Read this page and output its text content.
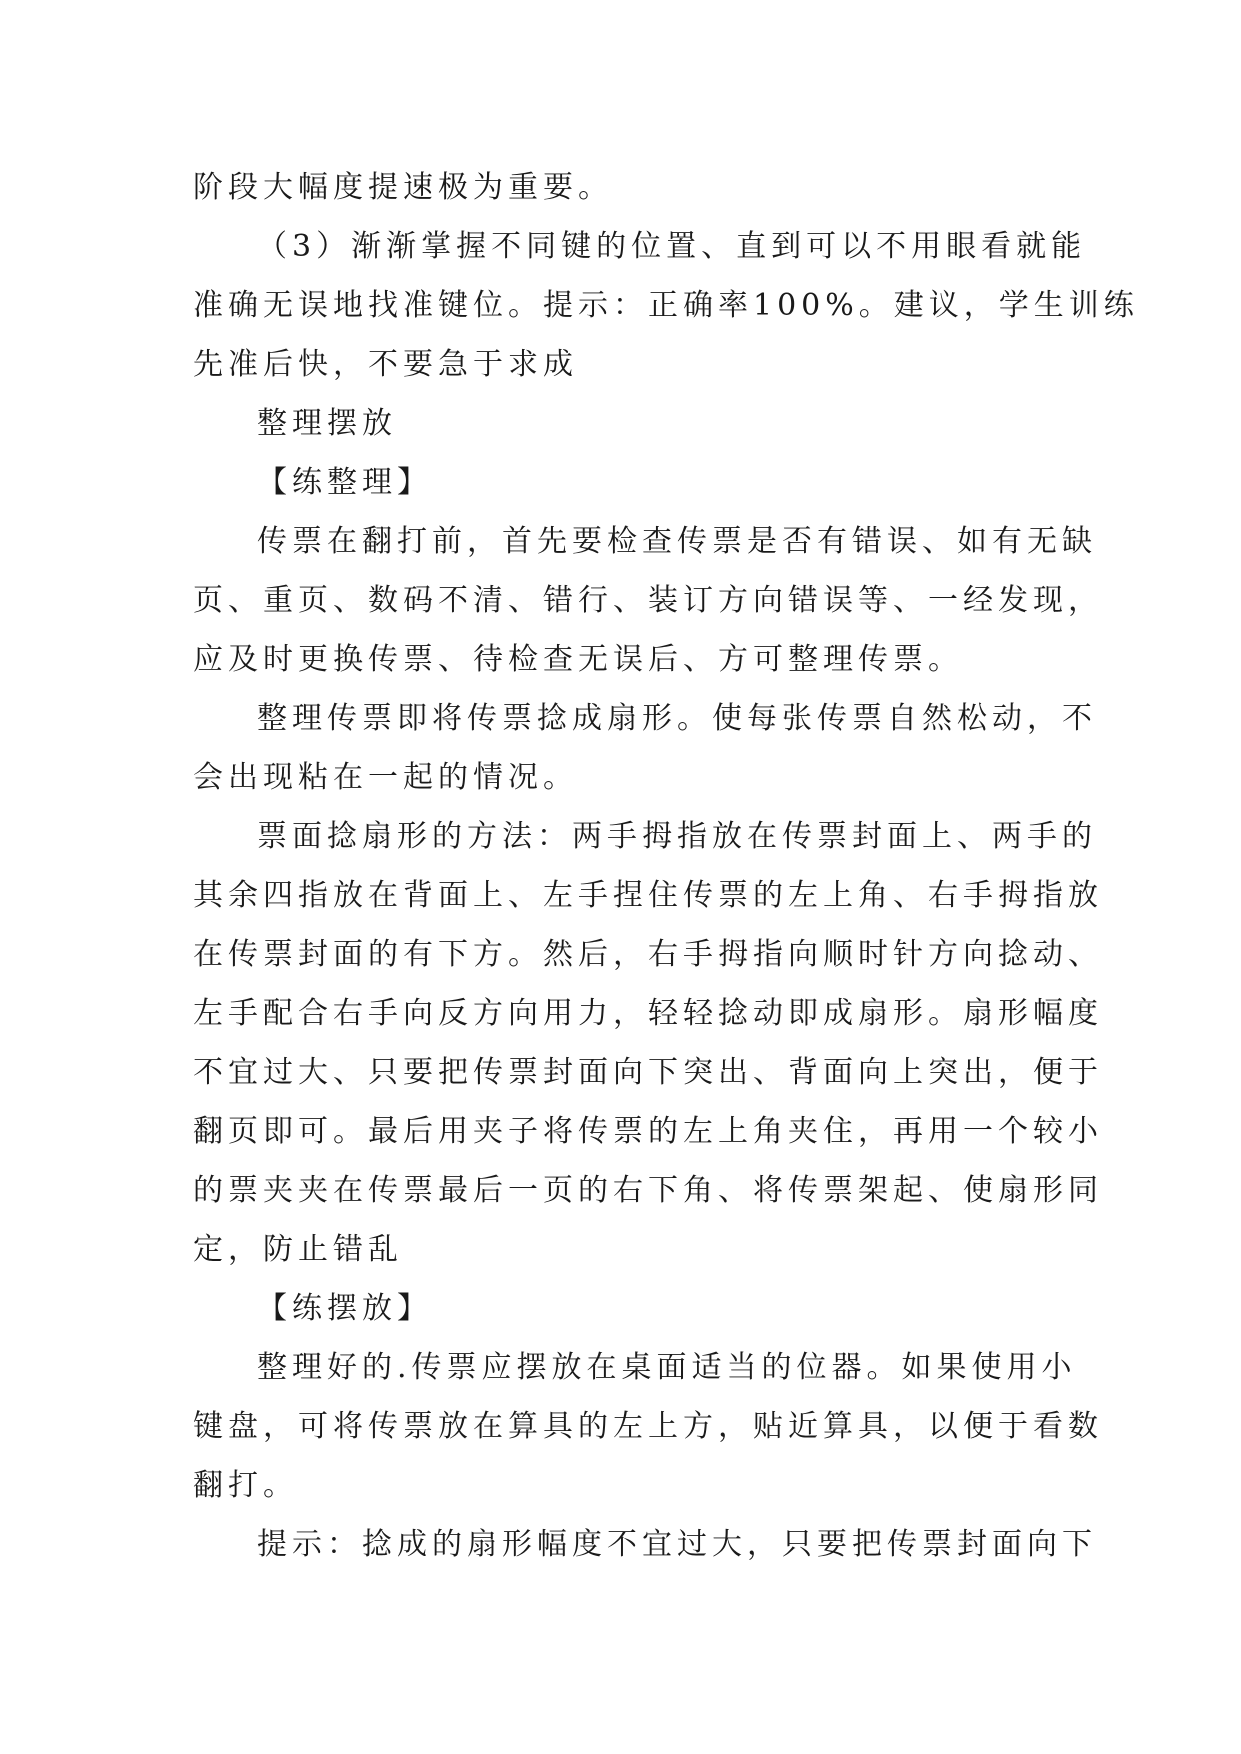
阶段大幅度提速极为重要。

（3）渐渐掌握不同键的位置、直到可以不用眼看就能
准确无误地找准键位。提示：正确率100%。建议，学生训练
先准后快，不要急于求成

整理摆放
【练整理】

传票在翻打前，首先要检查传票是否有错误、如有无缺
页、重页、数码不清、错行、装订方向错误等、一经发现，
应及时更换传票、待检查无误后、方可整理传票。

整理传票即将传票捻成扇形。使每张传票自然松动，不
会出现粘在一起的情况。

票面捻扇形的方法：两手拇指放在传票封面上、两手的
其余四指放在背面上、左手捏住传票的左上角、右手拇指放
在传票封面的有下方。然后，右手拇指向顺时针方向捻动、
左手配合右手向反方向用力，轻轻捻动即成扇形。扇形幅度
不宜过大、只要把传票封面向下突出、背面向上突出，便于
翻页即可。最后用夹子将传票的左上角夹住，再用一个较小
的票夹夹在传票最后一页的右下角、将传票架起、使扇形同
定，防止错乱

【练摆放】

整理好的.传票应摆放在桌面适当的位器。如果使用小
键盘，可将传票放在算具的左上方，贴近算具，以便于看数
翻打。

提示：捻成的扇形幅度不宜过大，只要把传票封面向下
